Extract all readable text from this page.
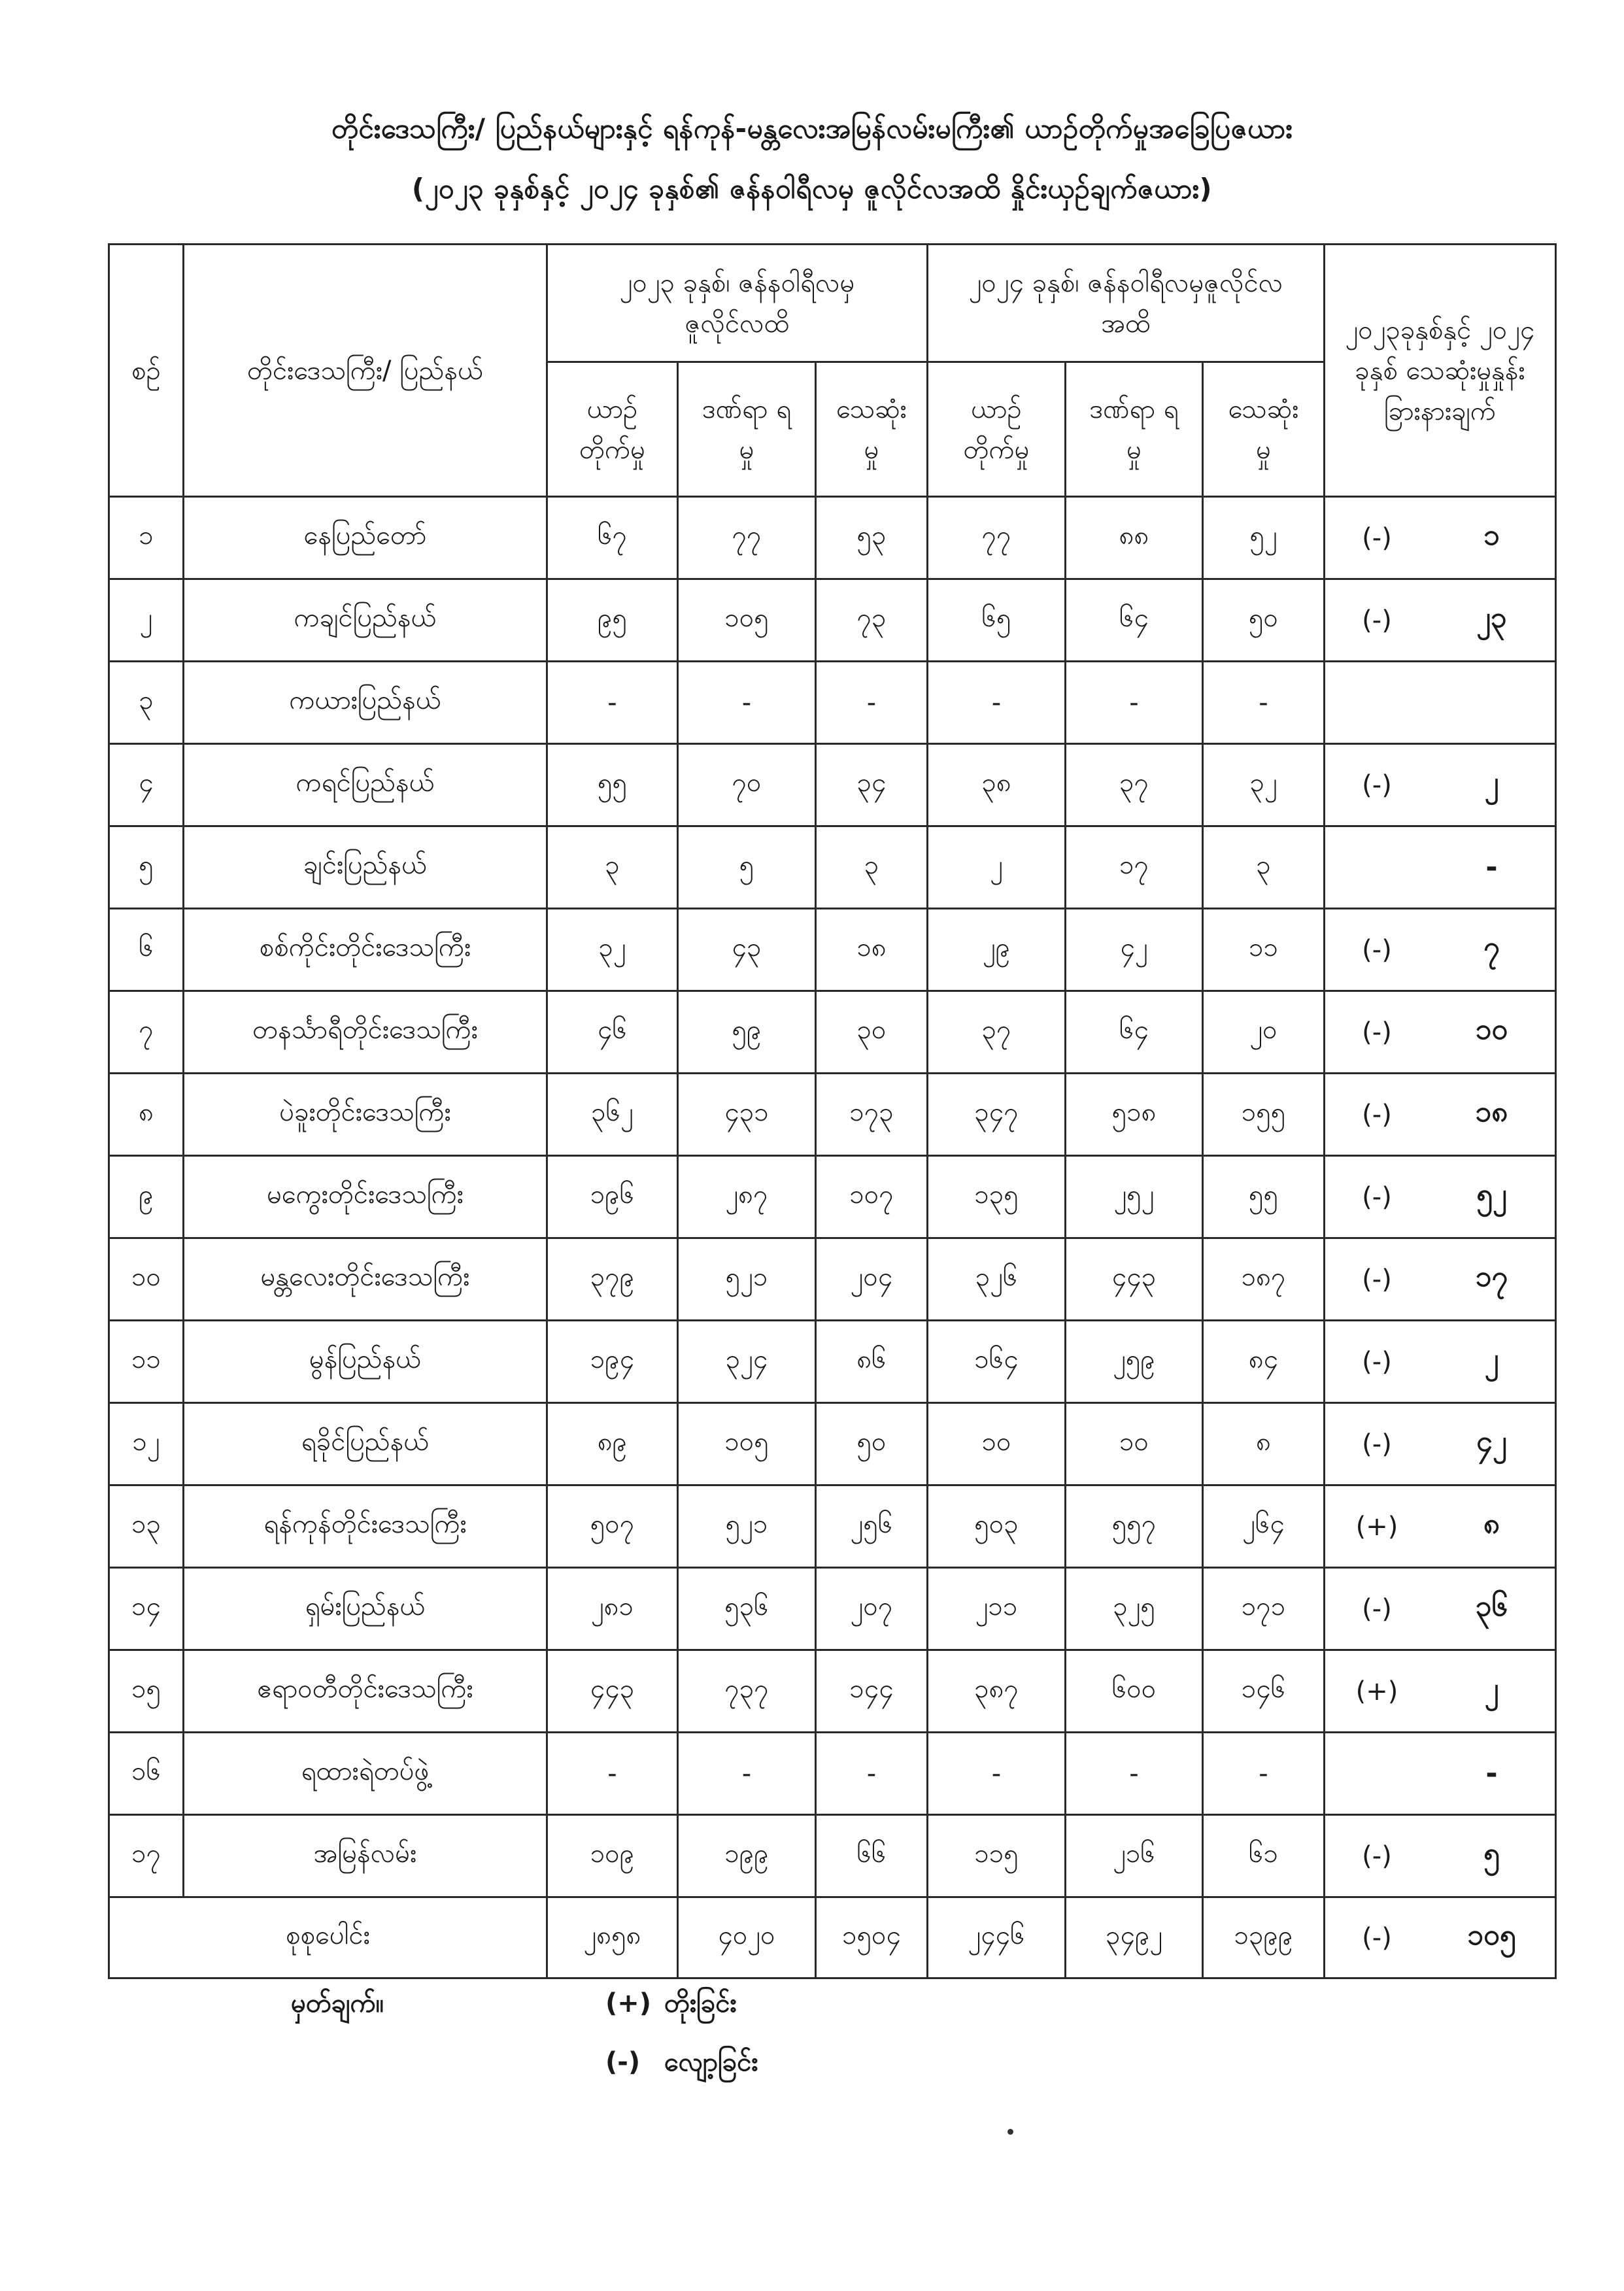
တိုင်းဒေသကြီး/ ပြည်နယ်များနှင့် ရန်ကုန်-မန္တလေးအမြန်လမ်းမကြီး၏ ယာဉ်တိုက်မှုအခြေပြဇယား
(၂၀၂၃ ခုနှစ်နှင့် ၂၀၂၄ ခုနှစ်၏ ဇန်နဝါရီလမှ ဇူလိုင်လအထိ နှိုင်းယှဉ်ချက်ဇယား)
စဉ်	တိုင်းဒေသကြီး/ ပြည်နယ်	၂၀၂၃ ခုနှစ်၊ ဇန်နဝါရီလမှ ဇူလိုင်လထိ			၂၀၂၄ ခုနှစ်၊ ဇန်နဝါရီလမှဇူလိုင်လအထိ			၂၀၂၃ခုနှစ်နှင့် ၂၀၂၄ ခုနှစ် သေဆုံးမှုနှုန်း ခြားနားချက်
		ယာဉ် တိုက်မှု	ဒဏ်ရာ ရမှု	သေဆုံး မှု	ယာဉ် တိုက်မှု	ဒဏ်ရာ ရမှု	သေဆုံး မှု	
၁	နေပြည်တော်	၆၇	၇၇	၅၃	၇၇	၈၈	၅၂	(-) ၁

၂	ကချင်ပြည်နယ်	၉၅	၁၀၅	၇၃	၆၅	၆၄	၅၀	(-) ၂၃

၃	ကယားပြည်နယ်	-	-	-	-	-	-	

၄	ကရင်ပြည်နယ်	၅၅	၇၀	၃၄	၃၈	၃၇	၃၂	(-) ၂

၅	ချင်းပြည်နယ်	၃	၅	၃	၂	၁၇	၃	-

၆	စစ်ကိုင်းတိုင်းဒေသကြီး	၃၂	၄၃	၁၈	၂၉	၄၂	၁၁	(-) ၇

၇	တနင်္သာရီတိုင်းဒေသကြီး	၄၆	၅၉	၃၀	၃၇	၆၄	၂၀	(-) ၁၀

၈	ပဲခူးတိုင်းဒေသကြီး	၃၆၂	၄၃၁	၁၇၃	၃၄၇	၅၁၈	၁၅၅	(-) ၁၈

၉	မကွေးတိုင်းဒေသကြီး	၁၉၆	၂၈၇	၁၀၇	၁၃၅	၂၅၂	၅၅	(-) ၅၂

၁၀	မန္တလေးတိုင်းဒေသကြီး	၃၇၉	၅၂၁	၂၀၄	၃၂၆	၄၄၃	၁၈၇	(-) ၁၇

၁၁	မွန်ပြည်နယ်	၁၉၄	၃၂၄	၈၆	၁၆၄	၂၅၉	၈၄	(-) ၂

၁၂	ရခိုင်ပြည်နယ်	၈၉	၁၀၅	၅၀	၁၀	၁၀	၈	(-) ၄၂

၁၃	ရန်ကုန်တိုင်းဒေသကြီး	၅၀၇	၅၂၁	၂၅၆	၅၀၃	၅၅၇	၂၆၄	(+) ၈

၁၄	ရှမ်းပြည်နယ်	၂၈၁	၅၃၆	၂၀၇	၂၁၁	၃၂၅	၁၇၁	(-) ၃၆

၁၅	ဧရာဝတီတိုင်းဒေသကြီး	၄၄၃	၇၃၇	၁၄၄	၃၈၇	၆၀၀	၁၄၆	(+) ၂

၁၆	ရထားရဲတပ်ဖွဲ့	-	-	-	-	-	-	-

၁၇	အမြန်လမ်း	၁၀၉	၁၉၉	၆၆	၁၁၅	၂၁၆	၆၁	(-) ၅

စုစုပေါင်း		၂၈၅၈	၄၀၂၀	၁၅၀၄	၂၄၄၆	၃၄၉၂	၁၃၉၉	(-) ၁၀၅
မှတ်ချက်။	(+) တိုးခြင်း
(-) လျော့ခြင်း
